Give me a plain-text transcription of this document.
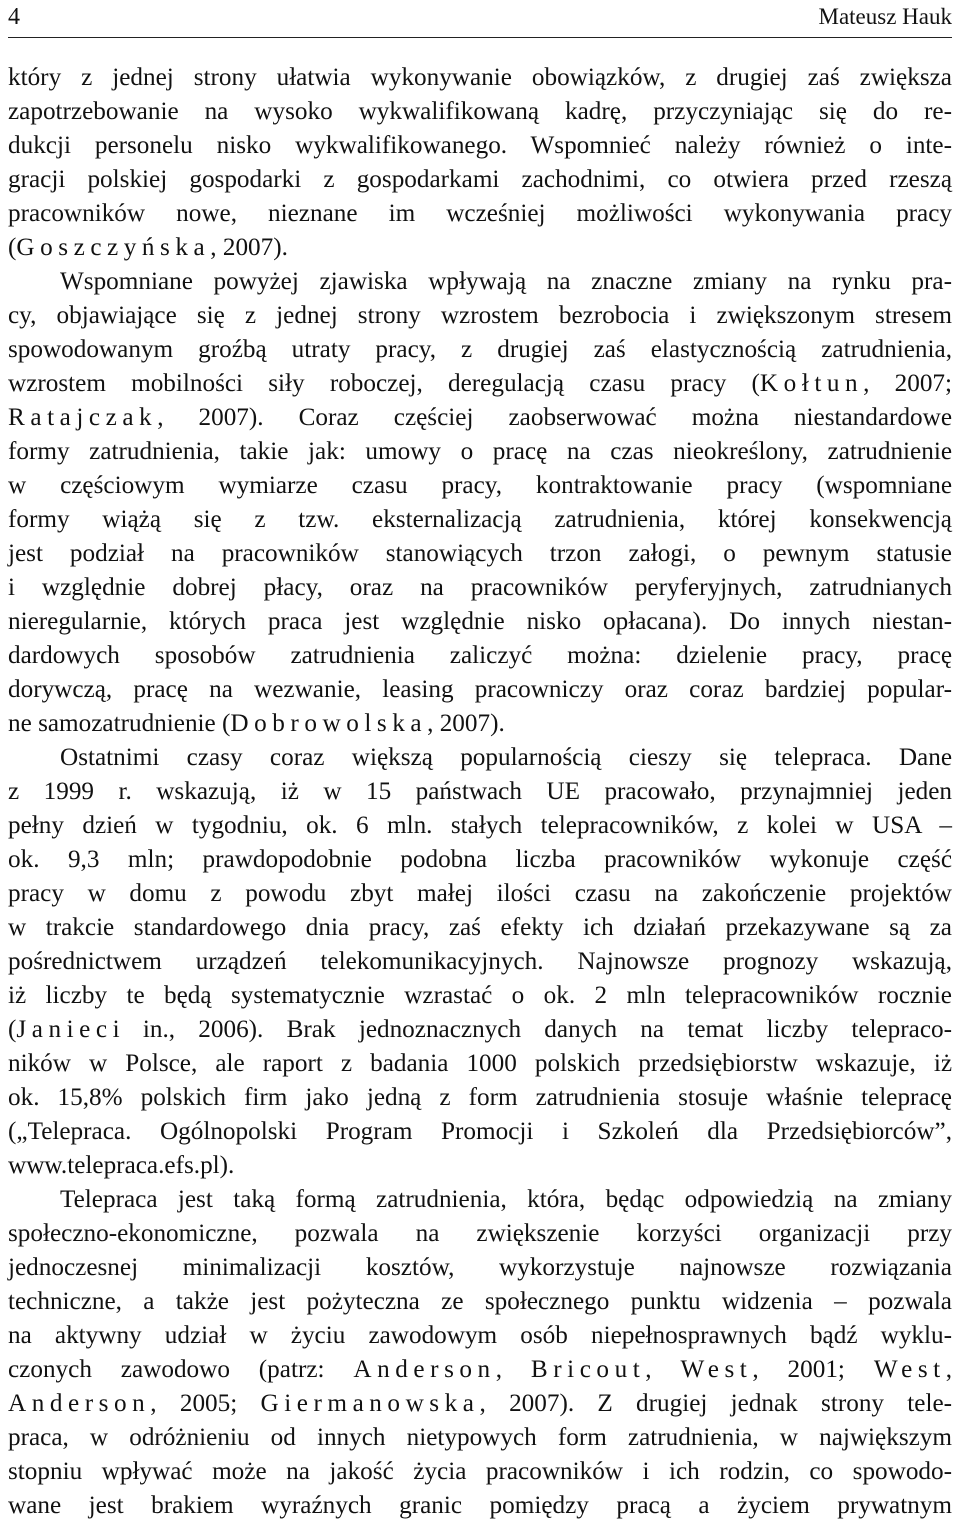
4	Mateusz Hauk
który z jednej strony ułatwia wykonywanie obowiązków, z drugiej zaś zwiększa
zapotrzebowanie na wysoko wykwalifikowaną kadrę, przyczyniając się do re-
dukcji personelu nisko wykwalifikowanego. Wspomnieć należy również o inte-
gracji polskiej gospodarki z gospodarkami zachodnimi, co otwiera przed rzeszą
pracowników nowe, nieznane im wcześniej możliwości wykonywania pracy
(Goszczyńska, 2007).
Wspomniane powyżej zjawiska wpływają na znaczne zmiany na rynku pra-
cy, objawiające się z jednej strony wzrostem bezrobocia i zwiększonym stresem
spowodowanym groźbą utraty pracy, z drugiej zaś elastycznością zatrudnienia,
wzrostem mobilności siły roboczej, deregulacją czasu pracy (Kołtun, 2007;
Ratajczak, 2007). Coraz częściej zaobserwować można niestandardowe
formy zatrudnienia, takie jak: umowy o pracę na czas nieokreślony, zatrudnienie
w częściowym wymiarze czasu pracy, kontraktowanie pracy (wspomniane
formy wiążą się z tzw. eksternalizacją zatrudnienia, której konsekwencją
jest podział na pracowników stanowiących trzon załogi, o pewnym statusie
i względnie dobrej płacy, oraz na pracowników peryferyjnych, zatrudnianych
nieregularnie, których praca jest względnie nisko opłacana). Do innych niestan-
dardowych sposobów zatrudnienia zaliczyć można: dzielenie pracy, pracę
dorywczą, pracę na wezwanie, leasing pracowniczy oraz coraz bardziej popular-
ne samozatrudnienie (Dobrowolska, 2007).
Ostatnimi czasy coraz większą popularnością cieszy się telepraca. Dane
z 1999 r. wskazują, iż w 15 państwach UE pracowało, przynajmniej jeden
pełny dzień w tygodniu, ok. 6 mln. stałych telepracowników, z kolei w USA –
ok. 9,3 mln; prawdopodobnie podobna liczba pracowników wykonuje część
pracy w domu z powodu zbyt małej ilości czasu na zakończenie projektów
w trakcie standardowego dnia pracy, zaś efekty ich działań przekazywane są za
pośrednictwem urządzeń telekomunikacyjnych. Najnowsze prognozy wskazują,
iż liczby te będą systematycznie wzrastać o ok. 2 mln telepracowników rocznie
(Janieci in., 2006). Brak jednoznacznych danych na temat liczby telepraco-
ników w Polsce, ale raport z badania 1000 polskich przedsiębiorstw wskazuje, iż
ok. 15,8% polskich firm jako jedną z form zatrudnienia stosuje właśnie telepracę
(„Telepraca. Ogólnopolski Program Promocji i Szkoleń dla Przedsiębiorców”,
www.telepraca.efs.pl).
Telepraca jest taką formą zatrudnienia, która, będąc odpowiedzią na zmiany
społeczno-ekonomiczne, pozwala na zwiększenie korzyści organizacji przy
jednoczesnej minimalizacji kosztów, wykorzystuje najnowsze rozwiązania
techniczne, a także jest pożyteczna ze społecznego punktu widzenia – pozwala
na aktywny udział w życiu zawodowym osób niepełnosprawnych bądź wyklu-
czonych zawodowo (patrz: Anderson, Bricout, West, 2001; West,
Anderson, 2005; Giermanowska, 2007). Z drugiej jednak strony tele-
praca, w odróżnieniu od innych nietypowych form zatrudnienia, w największym
stopniu wpływać może na jakość życia pracowników i ich rodzin, co spowodo-
wane jest brakiem wyraźnych granic pomiędzy pracą a życiem prywatnym
